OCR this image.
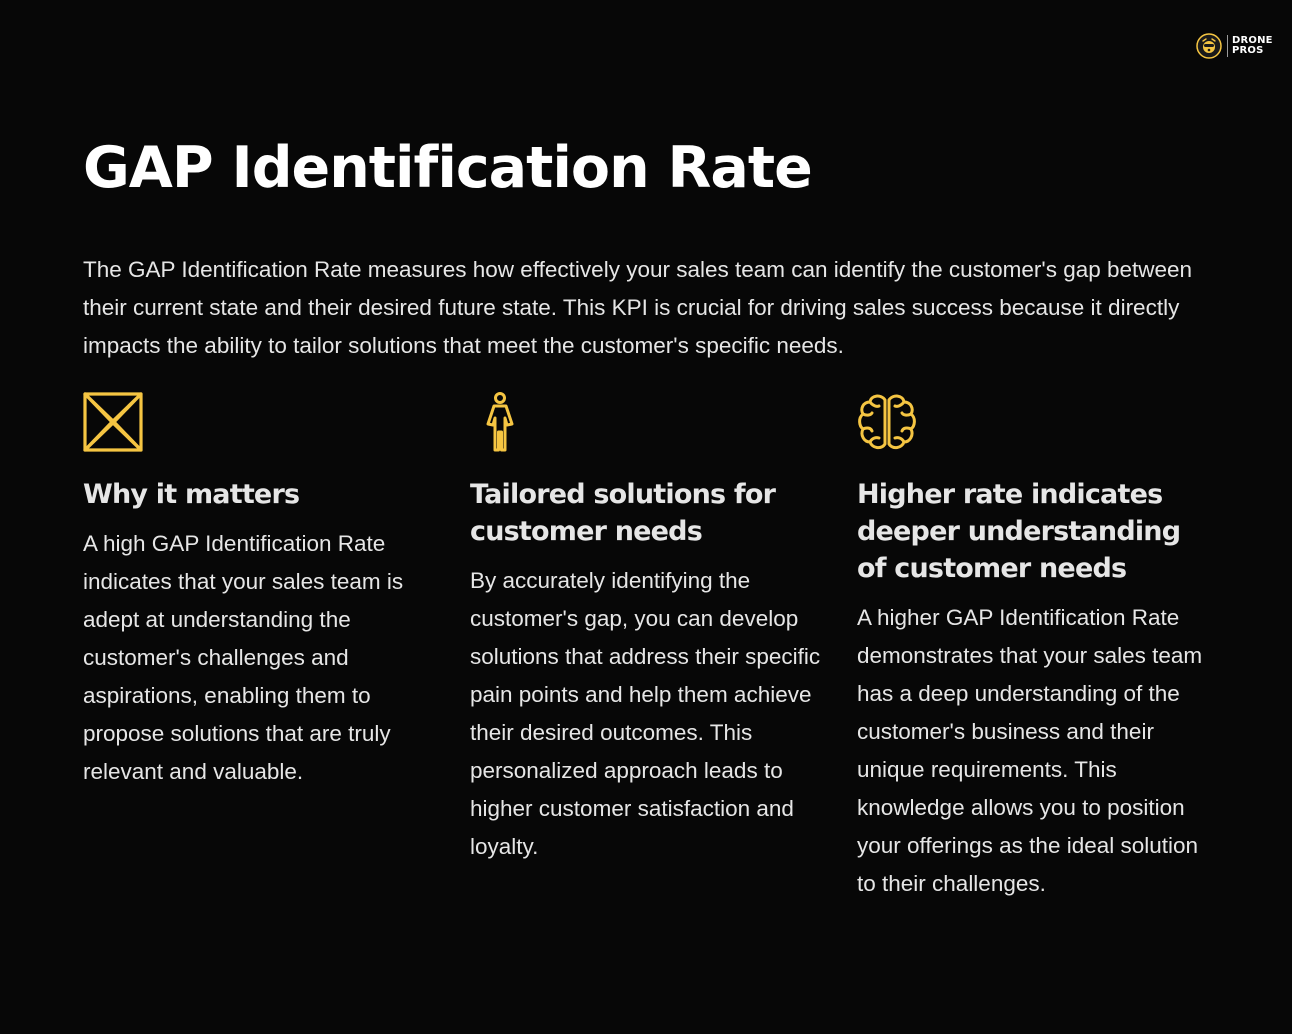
DRONE
PROS
GAP Identification Rate

The GAP Identification Rate measures how effectively your sales team can identify the customer's gap between their current state and their desired future state. This KPI is crucial for driving sales success because it directly impacts the ability to tailor solutions that meet the customer's specific needs.

Why it matters

A high GAP Identification Rate indicates that your sales team is adept at understanding the customer's challenges and aspirations, enabling them to propose solutions that are truly relevant and valuable.

Tailored solutions for customer needs

By accurately identifying the customer's gap, you can develop solutions that address their specific pain points and help them achieve their desired outcomes. This personalized approach leads to higher customer satisfaction and loyalty.

Higher rate indicates deeper understanding of customer needs

A higher GAP Identification Rate demonstrates that your sales team has a deep understanding of the customer's business and their unique requirements. This knowledge allows you to position your offerings as the ideal solution to their challenges.
